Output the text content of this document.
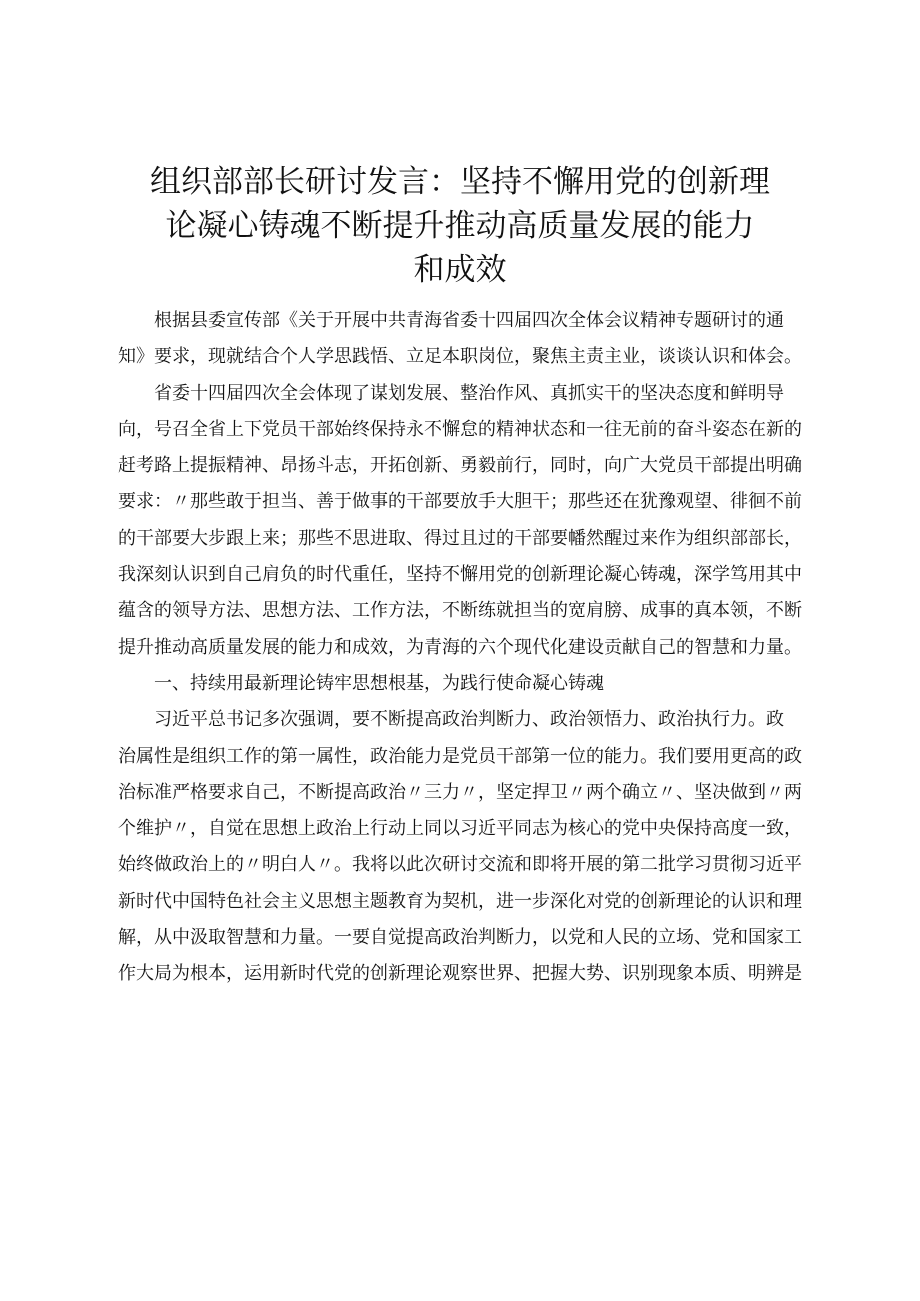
组织部部长研讨发言：坚持不懈用党的创新理
论凝心铸魂不断提升推动高质量发展的能力
和成效

根据县委宣传部《关于开展中共青海省委十四届四次全体会议精神专题研讨的通
知》要求，现就结合个人学思践悟、立足本职岗位，聚焦主责主业，谈谈认识和体会。

省委十四届四次全会体现了谋划发展、整治作风、真抓实干的坚决态度和鲜明导
向，号召全省上下党员干部始终保持永不懈怠的精神状态和一往无前的奋斗姿态在新的
赶考路上提振精神、昂扬斗志，开拓创新、勇毅前行，同时，向广大党员干部提出明确
要求：〃那些敢于担当、善于做事的干部要放手大胆干；那些还在犹豫观望、徘徊不前
的干部要大步跟上来；那些不思进取、得过且过的干部要幡然醒过来作为组织部部长，
我深刻认识到自己肩负的时代重任，坚持不懈用党的创新理论凝心铸魂，深学笃用其中
蕴含的领导方法、思想方法、工作方法，不断练就担当的宽肩膀、成事的真本领，不断
提升推动高质量发展的能力和成效，为青海的六个现代化建设贡献自己的智慧和力量。

一、持续用最新理论铸牢思想根基，为践行使命凝心铸魂

习近平总书记多次强调，要不断提高政治判断力、政治领悟力、政治执行力。政
治属性是组织工作的第一属性，政治能力是党员干部第一位的能力。我们要用更高的政
治标准严格要求自己，不断提高政治〃三力〃，坚定捍卫〃两个确立〃、坚决做到〃两
个维护〃，自觉在思想上政治上行动上同以习近平同志为核心的党中央保持高度一致，
始终做政治上的〃明白人〃。我将以此次研讨交流和即将开展的第二批学习贯彻习近平
新时代中国特色社会主义思想主题教育为契机，进一步深化对党的创新理论的认识和理
解，从中汲取智慧和力量。一要自觉提高政治判断力，以党和人民的立场、党和国家工
作大局为根本，运用新时代党的创新理论观察世界、把握大势、识别现象本质、明辨是
